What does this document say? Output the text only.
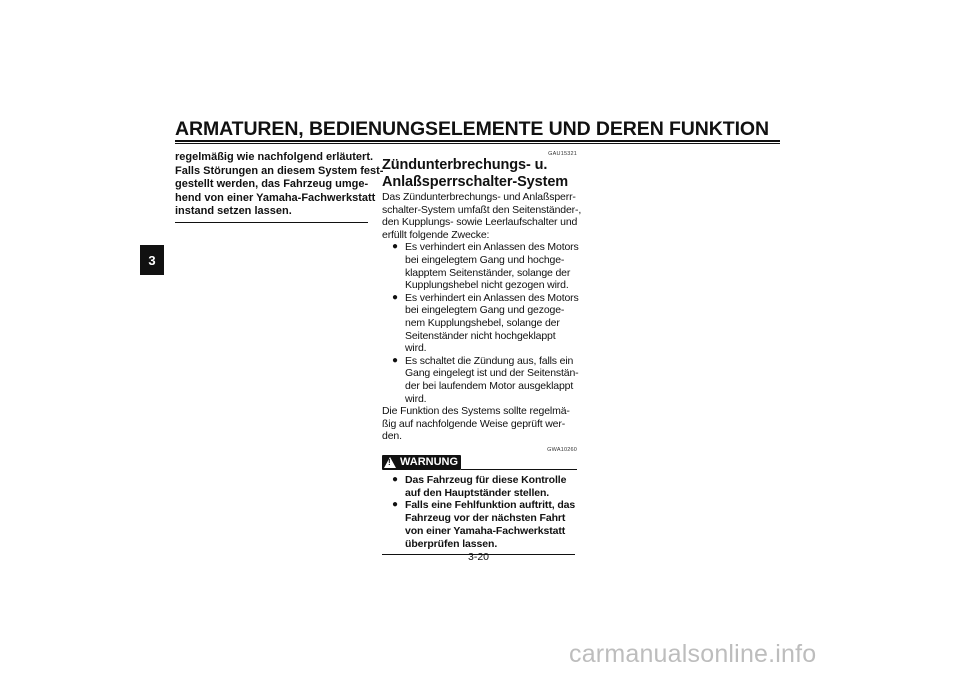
ARMATUREN, BEDIENUNGSELEMENTE UND DEREN FUNKTION
3

regelmäßig wie nachfolgend erläutert.

Falls Störungen an diesem System fest-

gestellt werden, das Fahrzeug umge-

hend von einer Yamaha-Fachwerkstatt

instand setzen lassen.

GAU15321

Zündunterbrechungs- u.

Anlaßsperrschalter-System

Das Zündunterbrechungs- und Anlaßsperr-

schalter-System umfaßt den Seitenständer-,

den Kupplungs- sowie Leerlaufschalter und

erfüllt folgende Zwecke:

● Es verhindert ein Anlassen des Motors

bei eingelegtem Gang und hochge-

klapptem Seitenständer, solange der

Kupplungshebel nicht gezogen wird.

● Es verhindert ein Anlassen des Motors

bei eingelegtem Gang und gezoge-

nem Kupplungshebel, solange der

Seitenständer nicht hochgeklappt

wird.

● Es schaltet die Zündung aus, falls ein

Gang eingelegt ist und der Seitenstän-

der bei laufendem Motor ausgeklappt

wird.

Die Funktion des Systems sollte regelmä-

ßig auf nachfolgende Weise geprüft wer-

den.

GWA10260

!
WARNUNG
● Das Fahrzeug für diese Kontrolle
auf den Hauptständer stellen.
● Falls eine Fehlfunktion auftritt, das
Fahrzeug vor der nächsten Fahrt
von einer Yamaha-Fachwerkstatt
überprüfen lassen.
3-20
carmanualsonline.info
